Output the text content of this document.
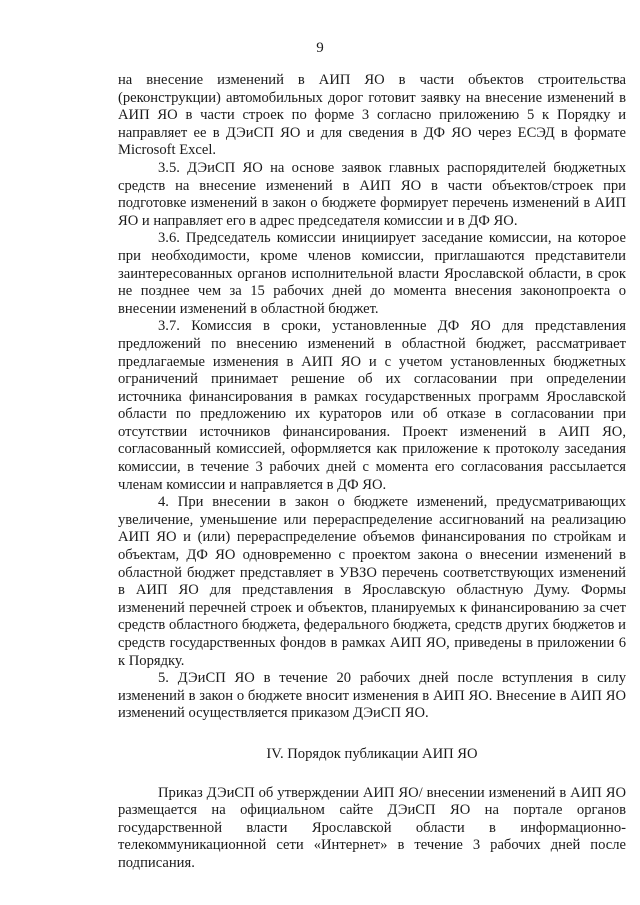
9

на внесение изменений в АИП ЯО в части объектов строительства (реконструкции) автомобильных дорог готовит заявку на внесение изменений в АИП ЯО в части строек по форме 3 согласно приложению 5 к Порядку и направляет ее в ДЭиСП ЯО и для сведения в ДФ ЯО через ЕСЭД в формате Microsoft Excel.

3.5. ДЭиСП ЯО на основе заявок главных распорядителей бюджетных средств на внесение изменений в АИП ЯО в части объектов/строек при подготовке изменений в закон о бюджете формирует перечень изменений в АИП ЯО и направляет его в адрес председателя комиссии и в ДФ ЯО.

3.6. Председатель комиссии инициирует заседание комиссии, на которое при необходимости, кроме членов комиссии, приглашаются представители заинтересованных органов исполнительной власти Ярославской области, в срок не позднее чем за 15 рабочих дней до момента внесения законопроекта о внесении изменений в областной бюджет.

3.7. Комиссия в сроки, установленные ДФ ЯО для представления предложений по внесению изменений в областной бюджет, рассматривает предлагаемые изменения в АИП ЯО и с учетом установленных бюджетных ограничений принимает решение об их согласовании при определении источника финансирования в рамках государственных программ Ярославской области по предложению их кураторов или об отказе в согласовании при отсутствии источников финансирования. Проект изменений в АИП ЯО, согласованный комиссией, оформляется как приложение к протоколу заседания комиссии, в течение 3 рабочих дней с момента его согласования рассылается членам комиссии и направляется в ДФ ЯО.

4. При внесении в закон о бюджете изменений, предусматривающих увеличение, уменьшение или перераспределение ассигнований на реализацию АИП ЯО и (или) перераспределение объемов финансирования по стройкам и объектам, ДФ ЯО одновременно с проектом закона о внесении изменений в областной бюджет представляет в УВЗО перечень соответствующих изменений в АИП ЯО для представления в Ярославскую областную Думу. Формы изменений перечней строек и объектов, планируемых к финансированию за счет средств областного бюджета, федерального бюджета, средств других бюджетов и средств государственных фондов в рамках АИП ЯО, приведены в приложении 6 к Порядку.

5. ДЭиСП ЯО в течение 20 рабочих дней после вступления в силу изменений в закон о бюджете вносит изменения в АИП ЯО. Внесение в АИП ЯО изменений осуществляется приказом ДЭиСП ЯО.

IV. Порядок публикации АИП ЯО

Приказ ДЭиСП об утверждении АИП ЯО/ внесении изменений в АИП ЯО размещается на официальном сайте ДЭиСП ЯО на портале органов государственной власти Ярославской области в информационно-телекоммуникационной сети «Интернет» в течение 3 рабочих дней после подписания.
